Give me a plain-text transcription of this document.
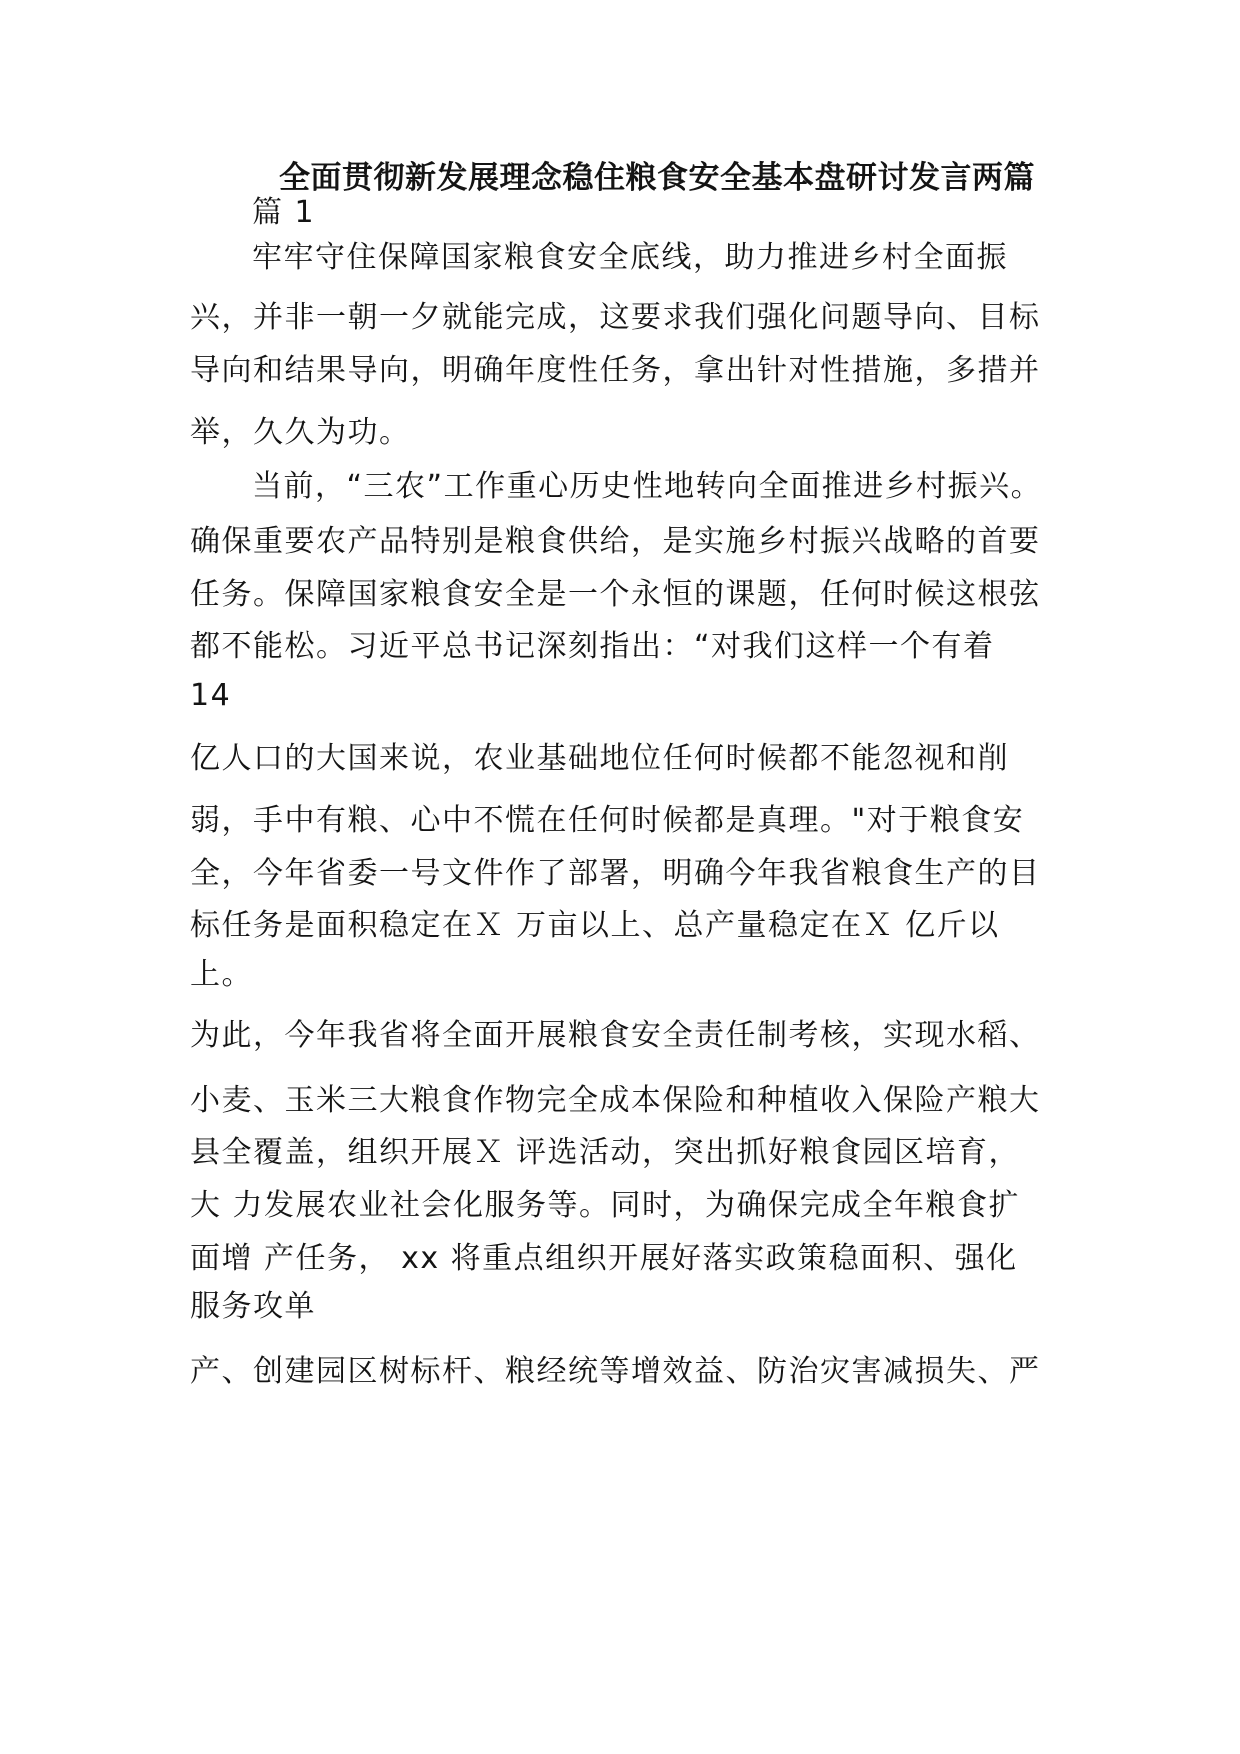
全面贯彻新发展理念稳住粮食安全基本盘研讨发言两篇
篇 1
牢牢守住保障国家粮食安全底线，助力推进乡村全面振
兴，并非一朝一夕就能完成，这要求我们强化问题导向、目标
导向和结果导向，明确年度性任务，拿出针对性措施，多措并
举，久久为功。
当前，“三农”工作重心历史性地转向全面推进乡村振兴。
确保重要农产品特别是粮食供给，是实施乡村振兴战略的首要
任务。保障国家粮食安全是一个永恒的课题，任何时候这根弦
都不能松。习近平总书记深刻指出：“对我们这样一个有着
14
亿人口的大国来说，农业基础地位任何时候都不能忽视和削
弱，手中有粮、心中不慌在任何时候都是真理。"对于粮食安
全，今年省委一号文件作了部署，明确今年我省粮食生产的目
标任务是面积稳定在Ｘ 万亩以上、总产量稳定在Ｘ 亿斤以
上。
为此，今年我省将全面开展粮食安全责任制考核，实现水稻、
小麦、玉米三大粮食作物完全成本保险和种植收入保险产粮大
县全覆盖，组织开展Ｘ 评选活动，突出抓好粮食园区培育，
大 力发展农业社会化服务等。同时，为确保完成全年粮食扩
面增 产任务， xx 将重点组织开展好落实政策稳面积、强化
服务攻单
产、创建园区树标杆、粮经统等增效益、防治灾害减损失、严
